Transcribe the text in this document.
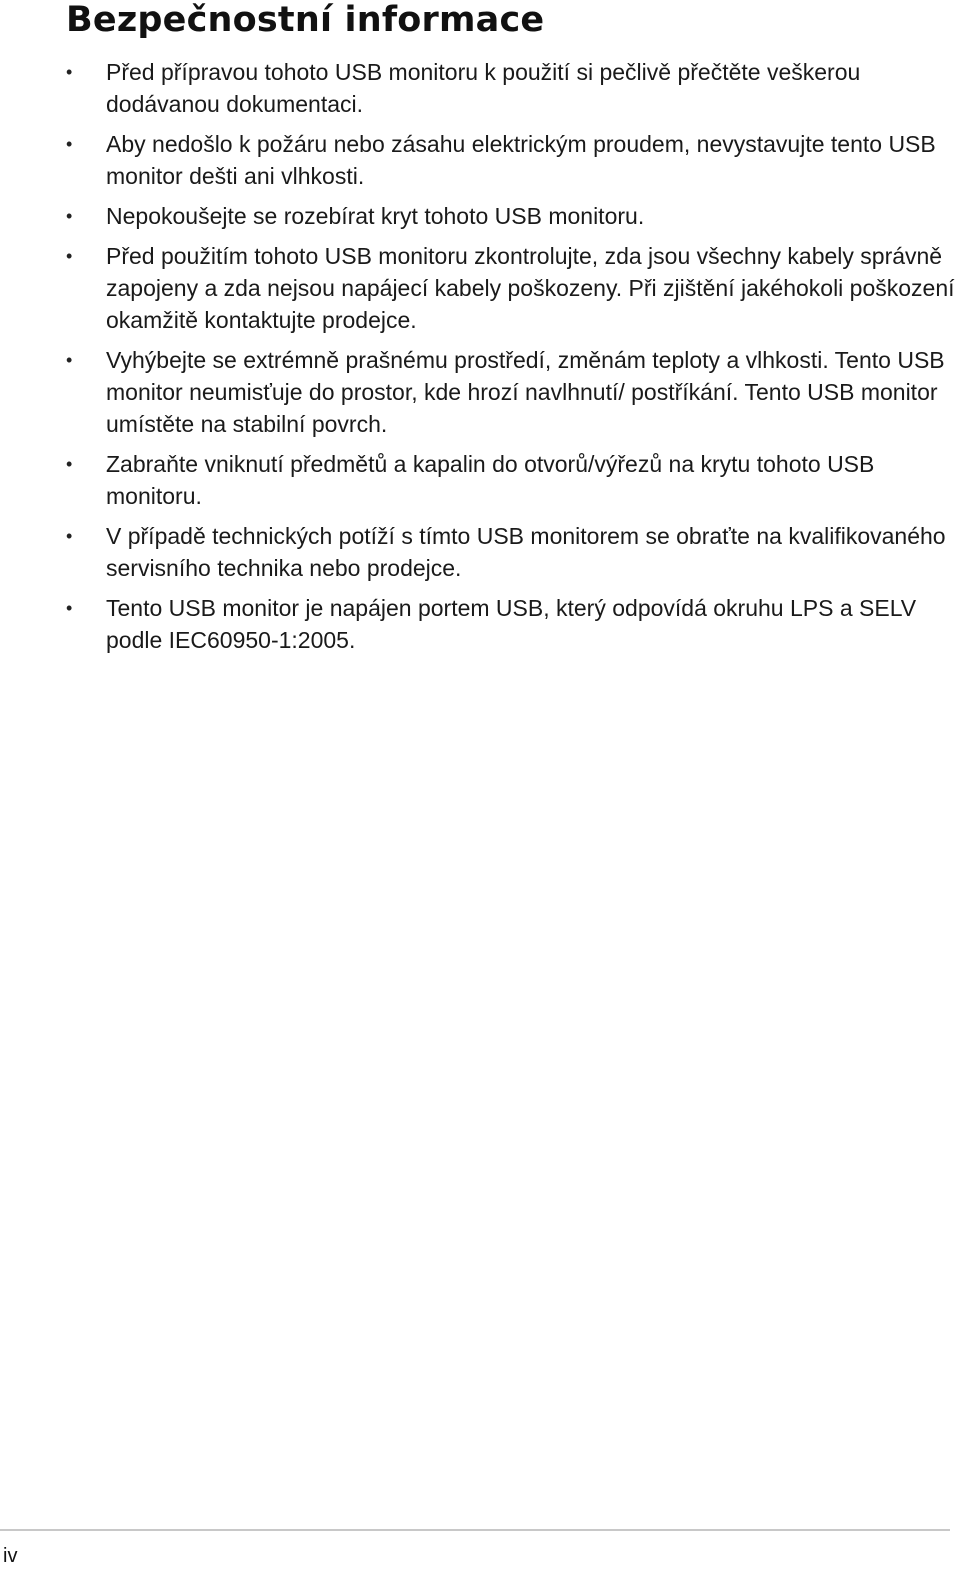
Bezpečnostní informace
• Před přípravou tohoto USB monitoru k použití si pečlivě přečtěte veškerou dodávanou dokumentaci.
• Aby nedošlo k požáru nebo zásahu elektrickým proudem, nevystavujte tento USB monitor dešti ani vlhkosti.
• Nepokoušejte se rozebírat kryt tohoto USB monitoru.
• Před použitím tohoto USB monitoru zkontrolujte, zda jsou všechny kabely správně zapojeny a zda nejsou napájecí kabely poškozeny. Při zjištění jakéhokoli poškození okamžitě kontaktujte prodejce.
• Vyhýbejte se extrémně prašnému prostředí, změnám teploty a vlhkosti. Tento USB monitor neumisťuje do prostor, kde hrozí navlhnutí/ postříkání. Tento USB monitor umístěte na stabilní povrch.
• Zabraňte vniknutí předmětů a kapalin do otvorů/výřezů na krytu tohoto USB monitoru.
• V případě technických potíží s tímto USB monitorem se obraťte na kvalifikovaného servisního technika nebo prodejce.
• Tento USB monitor je napájen portem USB, který odpovídá okruhu LPS a SELV podle IEC60950-1:2005.
iv
